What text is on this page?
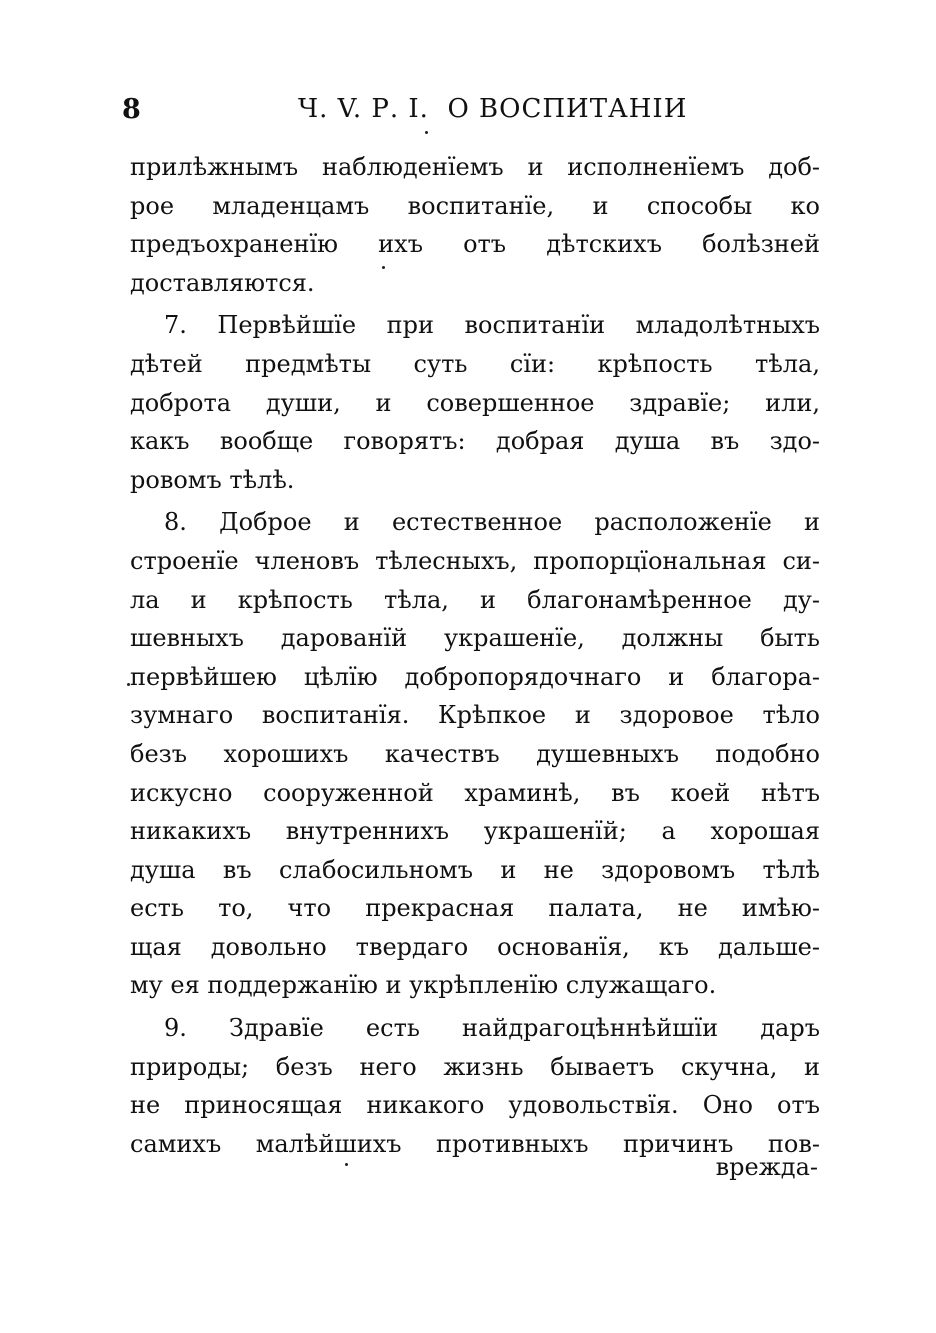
8	Ч. V. Р. I.  О ВОСПИТАНIИ
прилѣжнымъ наблюденїемъ и исполненїемъ доб-
рое младенцамъ воспитанїе, и способы ко
предъохраненїю ихъ отъ дѣтскихъ болѣзней
доставляются.
7. Первѣйшїе при воспитанїи младолѣтныхъ
дѣтей предмѣты суть сїи: крѣпость тѣла,
доброта души, и совершенное здравїе; или,
какъ вообще говорятъ: добрая душа въ здо-
ровомъ тѣлѣ.
8. Доброе и естественное расположенїе и
строенїе членовъ тѣлесныхъ, пропорцїональная си-
ла и крѣпость тѣла, и благонамѣренное ду-
шевныхъ дарованїй украшенїе, должны быть
первѣйшею цѣлїю добропорядочнаго и благора-
зумнаго воспитанїя. Крѣпкое и здоровое тѣло
безъ хорошихъ качествъ душевныхъ подобно
искусно сооруженной храминѣ, въ коей нѣтъ
никакихъ внутреннихъ украшенїй; а хорошая
душа въ слабосильномъ и не здоровомъ тѣлѣ
есть то, что прекрасная палата, не имѣю-
щая довольно твердаго основанїя, къ дальше-
му ея поддержанїю и укрѣпленїю служащаго.
9. Здравїе есть найдрагоцѣннѣйшїи даръ
природы; безъ него жизнь бываетъ скучна, и
не приносящая никакого удовольствїя. Оно отъ
самихъ малѣйшихъ противныхъ причинъ пов-
врежда-
